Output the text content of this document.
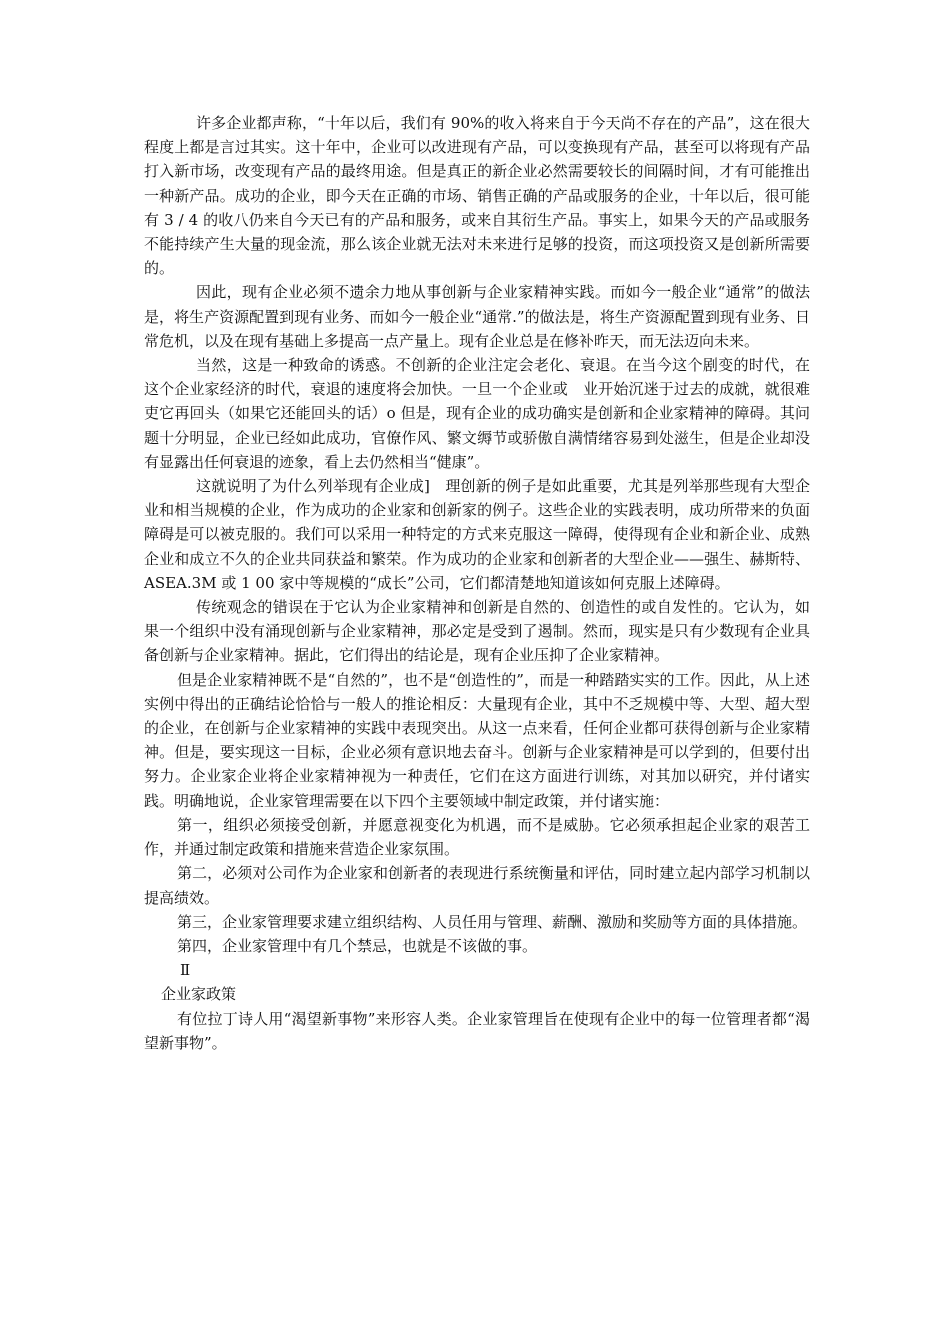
许多企业都声称，“十年以后，我们有 90%的收入将来自于今天尚不存在的产品”，这在很大程度上都是言过其实。这十年中，企业可以改进现有产品，可以变换现有产品，甚至可以将现有产品打入新市场，改变现有产品的最终用途。但是真正的新企业必然需要较长的间隔时间，才有可能推出一种新产品。成功的企业，即今天在正确的市场、销售正确的产品或服务的企业，十年以后，很可能有 3 / 4 的收八仍来自今天已有的产品和服务，或来自其衍生产品。事实上，如果今天的产品或服务不能持续产生大量的现金流，那么该企业就无法对未来进行足够的投资，而这项投资又是创新所需要的。

因此，现有企业必须不遗余力地从事创新与企业家精神实践。而如今一般企业“通常”的做法是，将生产资源配置到现有业务、而如今一般企业“通常.”的做法是，将生产资源配置到现有业务、日常危机，以及在现有基础上多提高一点产量上。现有企业总是在修补昨天，而无法迈向未来。

当然，这是一种致命的诱惑。不创新的企业注定会老化、衰退。在当今这个剧变的时代，在这个企业家经济的时代，衰退的速度将会加快。一旦一个企业或　业开始沉迷于过去的成就，就很难吏它再回头（如果它还能回头的话）o 但是，现有企业的成功确实是创新和企业家精神的障碍。其问题十分明显，企业已经如此成功，官僚作风、繁文缛节或骄傲自满情绪容易到处滋生，但是企业却没有显露出任何衰退的迹象，看上去仍然相当“健康”。

这就说明了为什么列举现有企业成]　理创新的例子是如此重要，尤其是列举那些现有大型企业和相当规模的企业，作为成功的企业家和创新家的例子。这些企业的实践表明，成功所带来的负面障碍是可以被克服的。我们可以采用一种特定的方式来克服这一障碍，使得现有企业和新企业、成熟企业和成立不久的企业共同获益和繁荣。作为成功的企业家和创新者的大型企业——强生、赫斯特、ASEA.3M 或 1 00 家中等规模的“成长”公司，它们都清楚地知道该如何克服上述障碍。

传统观念的错误在于它认为企业家精神和创新是自然的、创造性的或自发性的。它认为，如果一个组织中没有涌现创新与企业家精神，那必定是受到了遏制。然而，现实是只有少数现有企业具备创新与企业家精神。据此，它们得出的结论是，现有企业压抑了企业家精神。

但是企业家精神既不是“自然的”，也不是“创造性的”，而是一种踏踏实实的工作。因此，从上述实例中得出的正确结论恰恰与一般人的推论相反：大量现有企业，其中不乏规模中等、大型、超大型的企业，在创新与企业家精神的实践中表现突出。从这一点来看，任何企业都可获得创新与企业家精神。但是，要实现这一目标，企业必须有意识地去奋斗。创新与企业家精神是可以学到的，但要付出努力。企业家企业将企业家精神视为一种责任，它们在这方面进行训练，对其加以研究，并付诸实践。明确地说，企业家管理需要在以下四个主要领域中制定政策，并付诸实施：

第一，组织必须接受创新，并愿意视变化为机遇，而不是威胁。它必须承担起企业家的艰苦工作，并通过制定政策和措施来营造企业家氛围。

第二，必须对公司作为企业家和创新者的表现进行系统衡量和评估，同时建立起内部学习机制以提高绩效。

第三，企业家管理要求建立组织结构、人员任用与管理、薪酬、激励和奖励等方面的具体措施。

第四，企业家管理中有几个禁忌，也就是不该做的事。

Ⅱ

企业家政策

有位拉丁诗人用“渴望新事物”来形容人类。企业家管理旨在使现有企业中的每一位管理者都“渴望新事物”。
